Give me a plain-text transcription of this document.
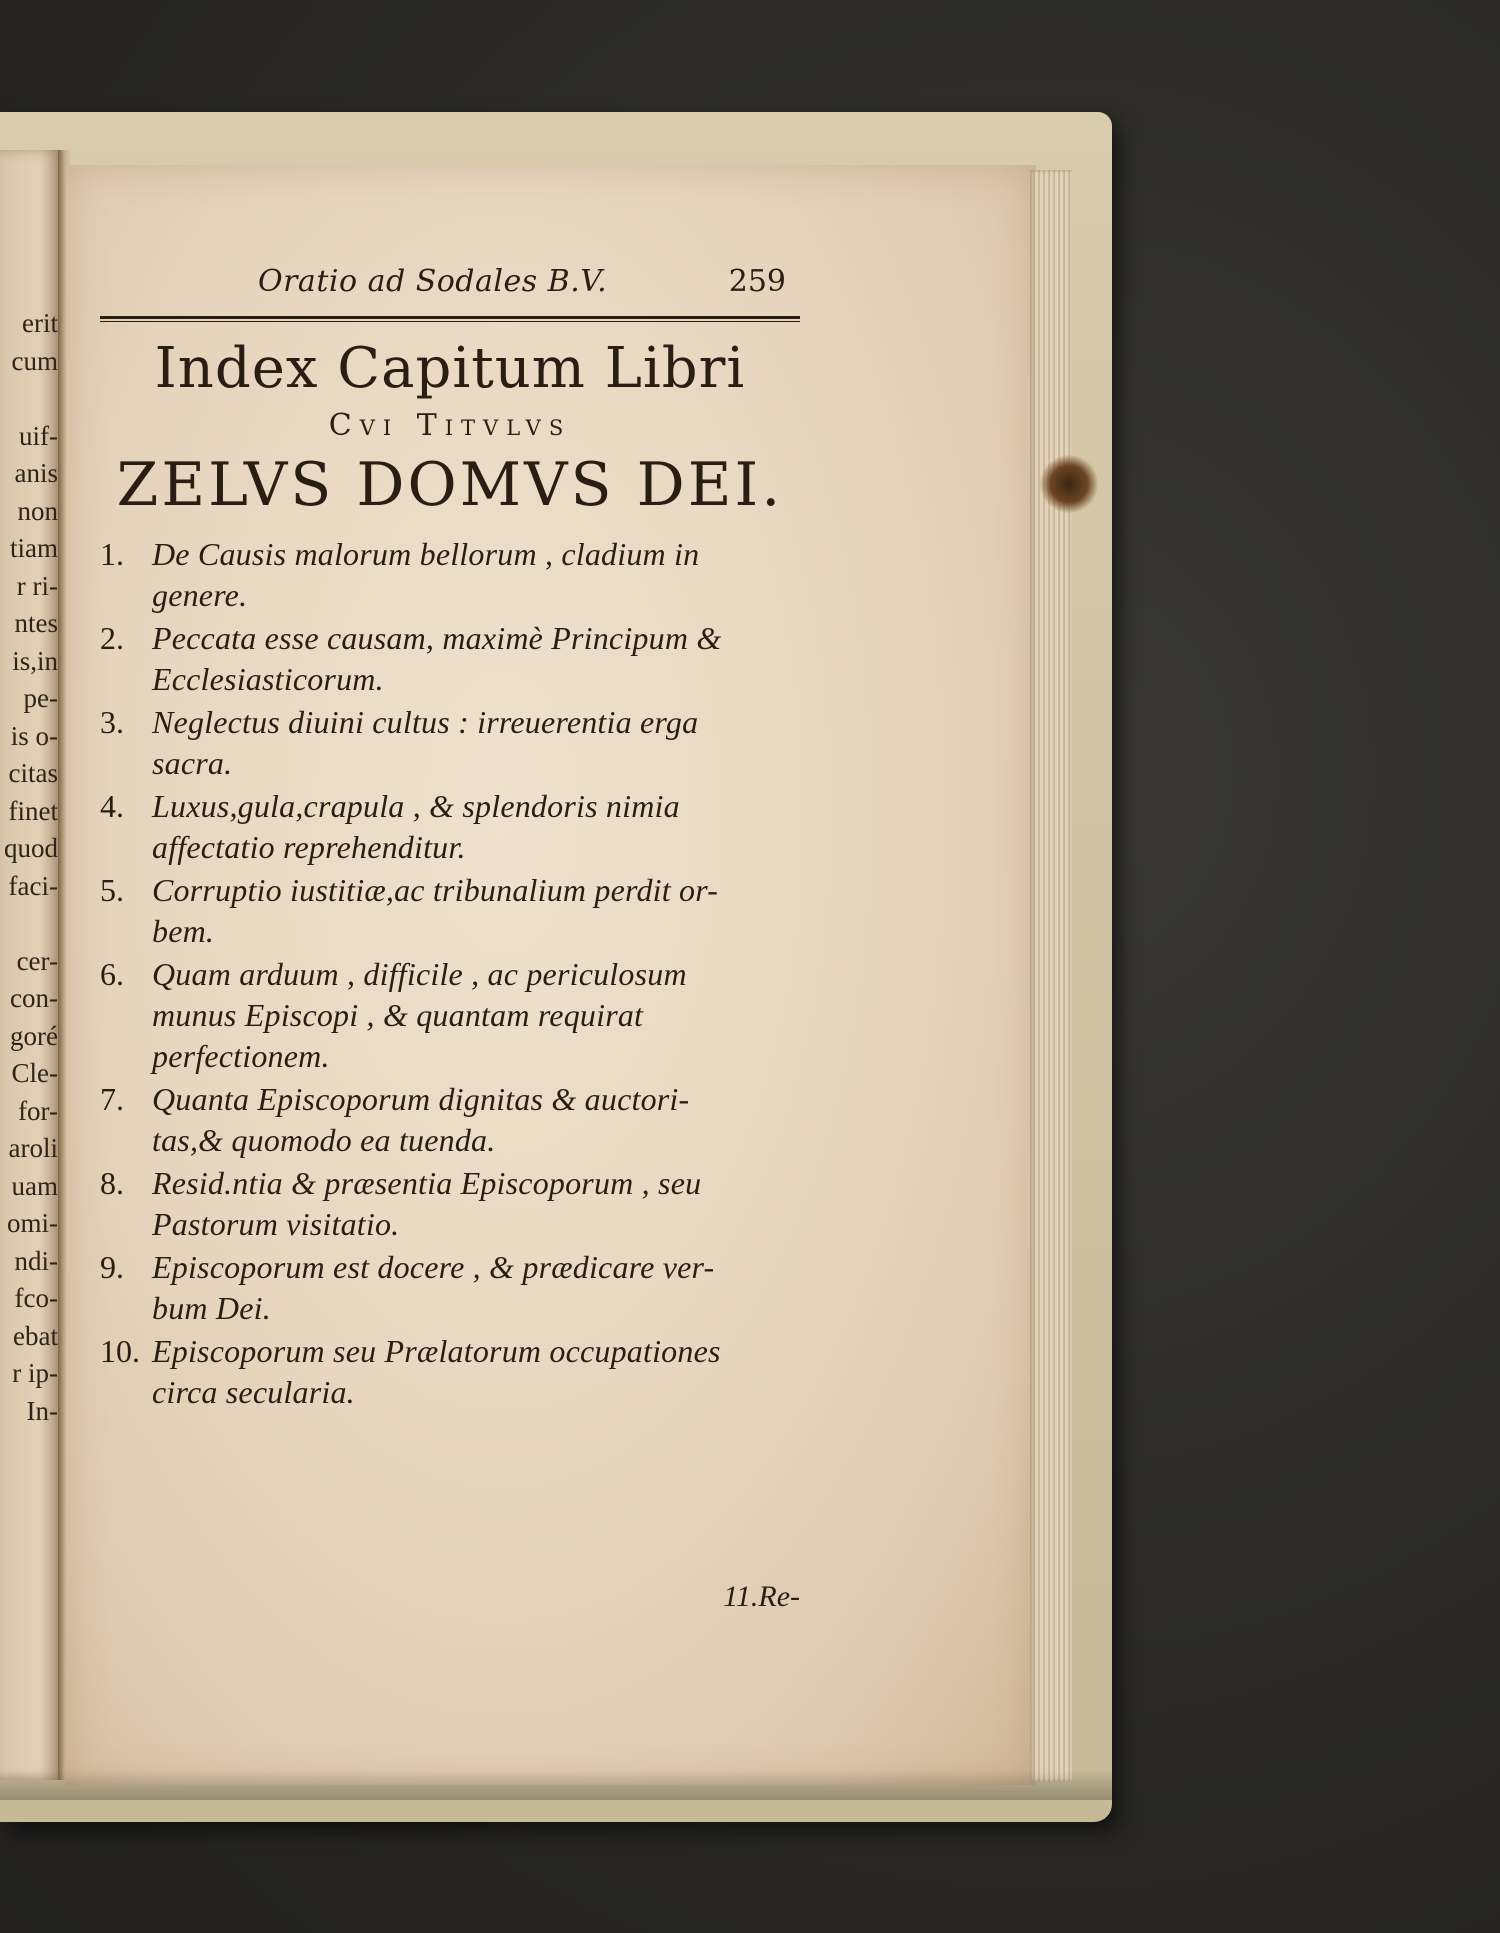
erit
cum
uif-
anis
non
tiam
r ri-
ntes
is,in
pe-
is o-
citas
finet
quod
faci-
cer-
con-
goré
Cle-
for-
aroli
uam
omi-
ndi-
fco-
ebat
r ip-
In-
Oratio ad Sodales B.V.	259
Index Capitum Libri
Cvi Titvlvs
ZELVS DOMVS DEI.
1. De Causis malorum bellorum , cladium in
genere.
2. Peccata esse causam, maximè Principum &
Ecclesiasticorum.
3. Neglectus diuini cultus : irreuerentia erga
sacra.
4. Luxus,gula,crapula , & splendoris nimia
affectatio reprehenditur.
5. Corruptio iustitiæ,ac tribunalium perdit or-
bem.
6. Quam arduum , difficile , ac periculosum
munus Episcopi , & quantam requirat
perfectionem.
7. Quanta Episcoporum dignitas & auctori-
tas,& quomodo ea tuenda.
8. Resid.ntia & præsentia Episcoporum , seu
Pastorum visitatio.
9. Episcoporum est docere , & prædicare ver-
bum Dei.
10. Episcoporum seu Prælatorum occupationes
circa secularia.
11.Re-
